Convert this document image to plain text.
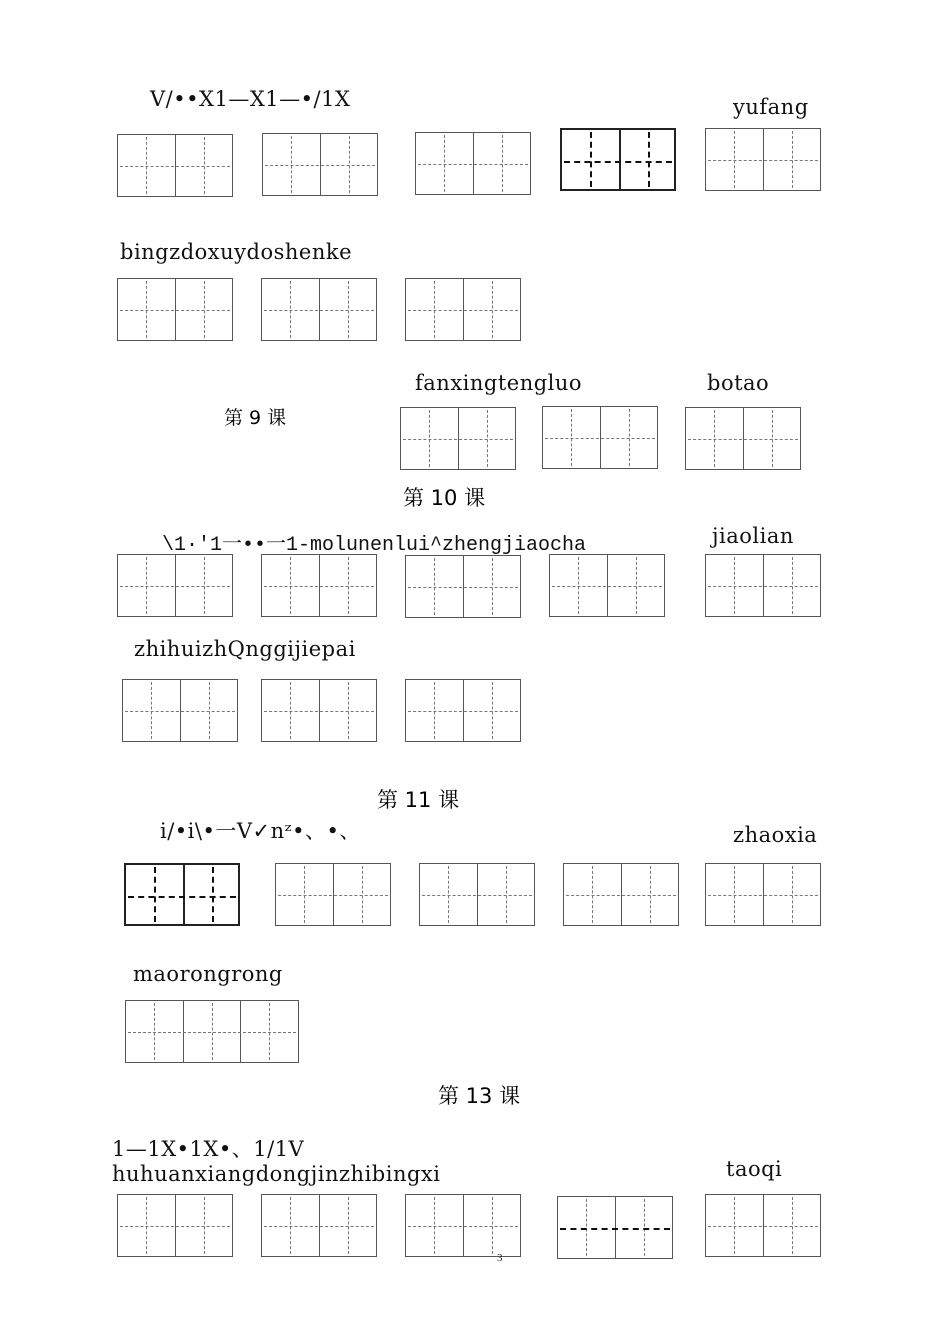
V/••X1—X1—•/1X	yufang
bingzdoxuydoshenke
fanxingtengluo	botao
第 9 课
第 10 课
\1·'1一••一1-molunenlui^zhengjiaocha	jiaolian
zhihuizhQnggijiepai
第 11 课
i/•i\•一V✓nᶻ•、•、	zhaoxia
maorongrong
第 13 课
1—1X•1X•、1/1V
huhuanxiangdongjinzhibingxi	taoqi
3
